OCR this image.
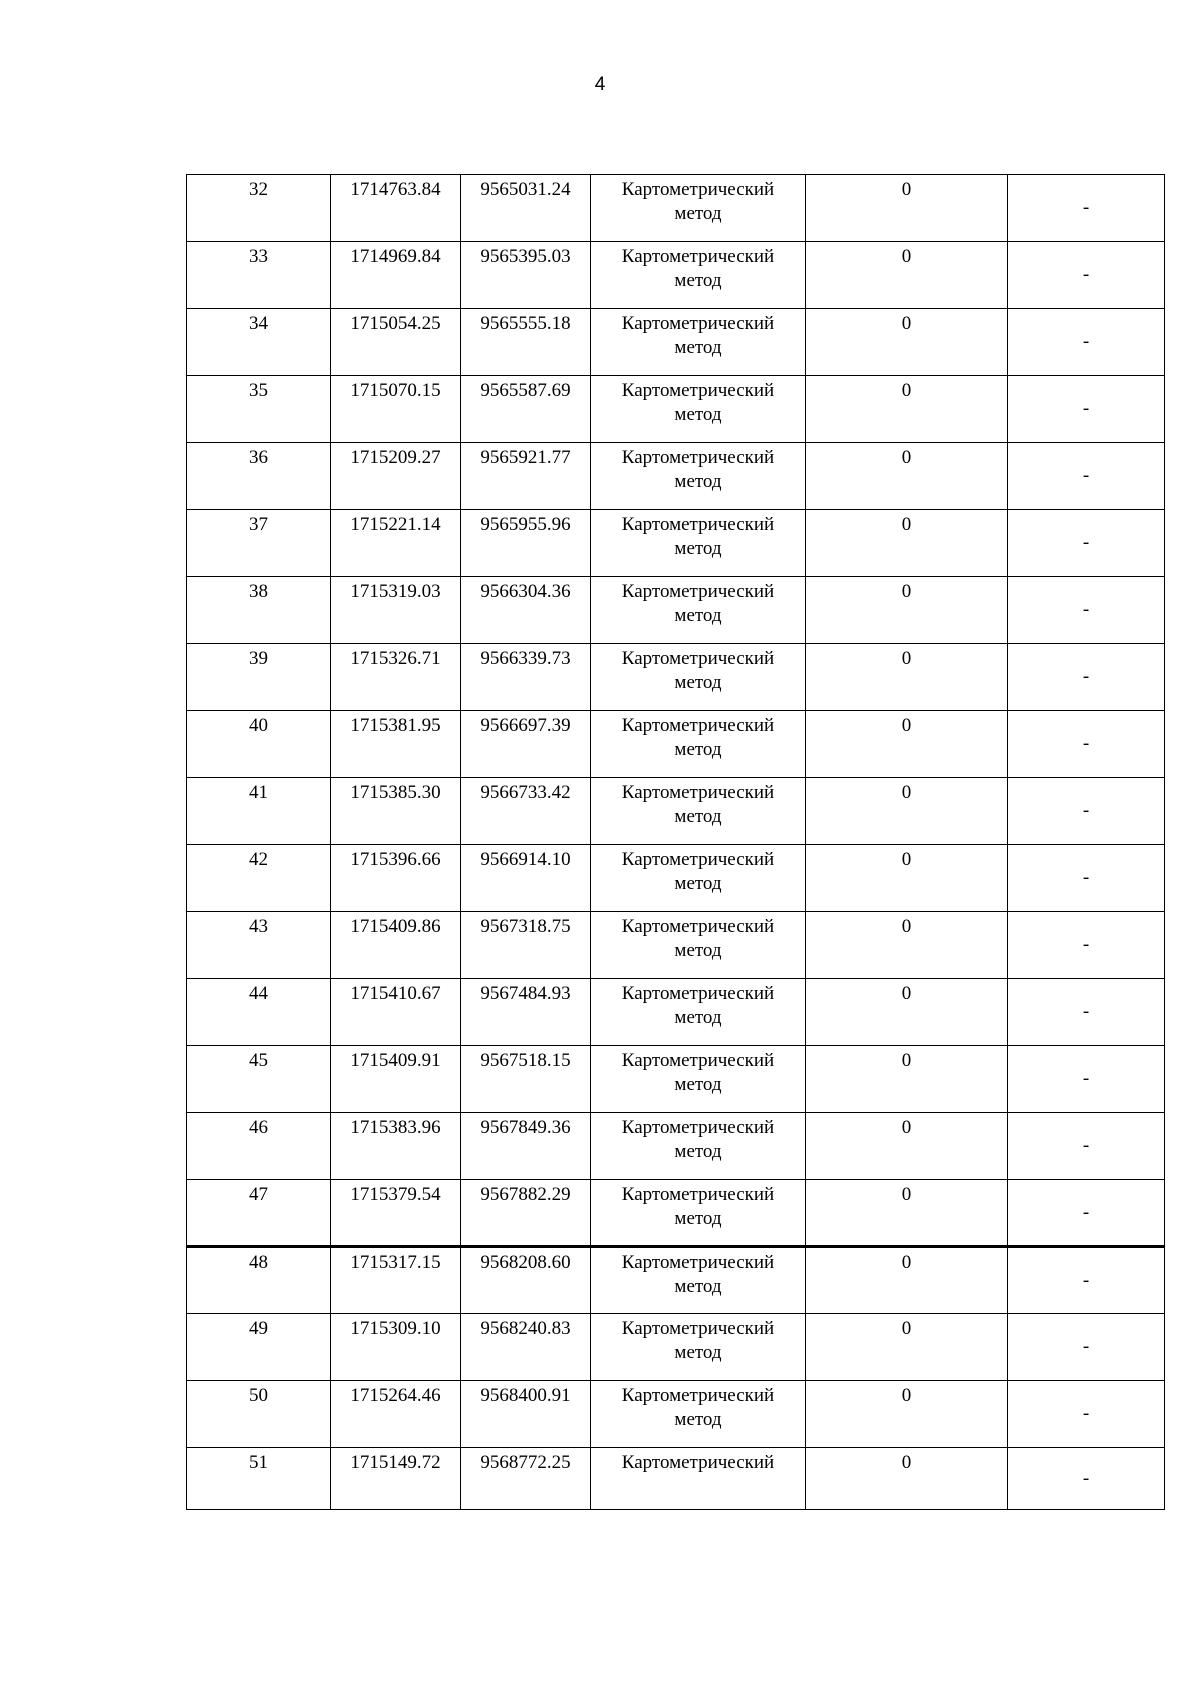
4
32	1714763.84	9565031.24	Картометрический
метод	0	-
33	1714969.84	9565395.03	Картометрический
метод	0	-
34	1715054.25	9565555.18	Картометрический
метод	0	-
35	1715070.15	9565587.69	Картометрический
метод	0	-
36	1715209.27	9565921.77	Картометрический
метод	0	-
37	1715221.14	9565955.96	Картометрический
метод	0	-
38	1715319.03	9566304.36	Картометрический
метод	0	-
39	1715326.71	9566339.73	Картометрический
метод	0	-
40	1715381.95	9566697.39	Картометрический
метод	0	-
41	1715385.30	9566733.42	Картометрический
метод	0	-
42	1715396.66	9566914.10	Картометрический
метод	0	-
43	1715409.86	9567318.75	Картометрический
метод	0	-
44	1715410.67	9567484.93	Картометрический
метод	0	-
45	1715409.91	9567518.15	Картометрический
метод	0	-
46	1715383.96	9567849.36	Картометрический
метод	0	-
47	1715379.54	9567882.29	Картометрический
метод	0	-
48	1715317.15	9568208.60	Картометрический
метод	0	-
49	1715309.10	9568240.83	Картометрический
метод	0	-
50	1715264.46	9568400.91	Картометрический
метод	0	-
51	1715149.72	9568772.25	Картометрический	0	-
